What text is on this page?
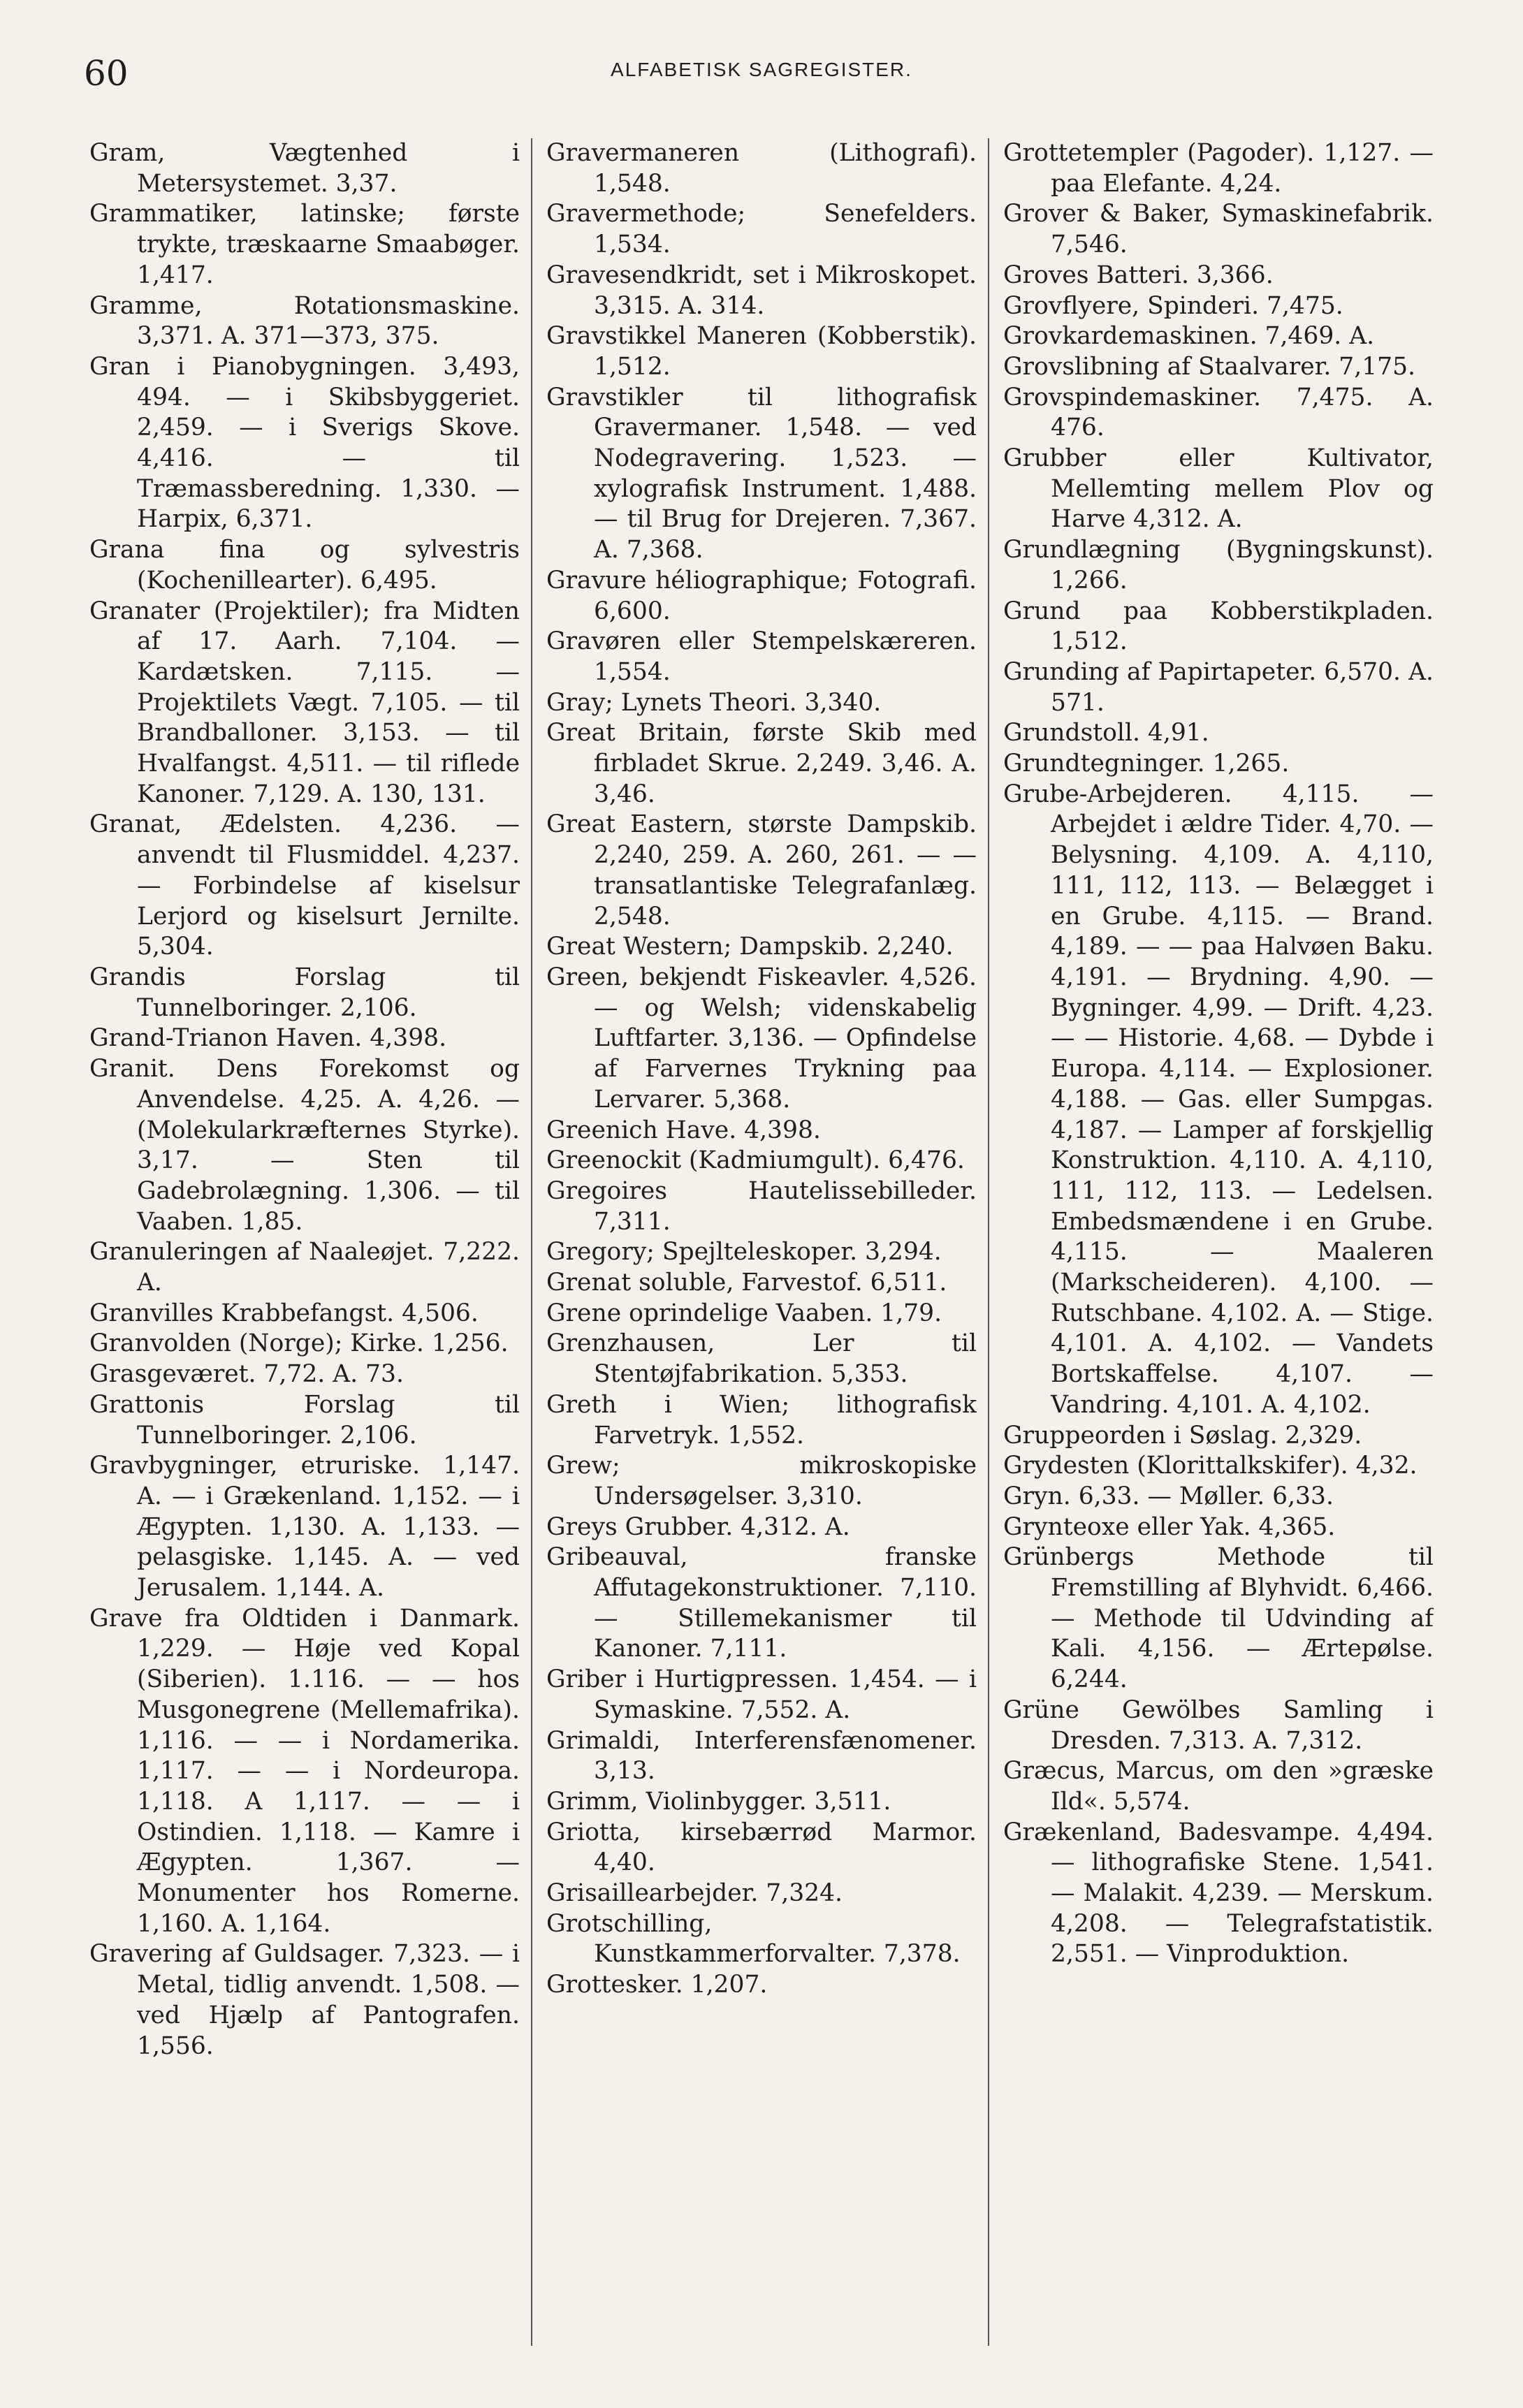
60	ALFABETISK SAGREGISTER.

Gram, Vægtenhed i Metersystemet. 3,37.

Grammatiker, latinske; første trykte, træskaarne Smaabøger. 1,417.

Gramme, Rotationsmaskine. 3,371. A. 371—373, 375.

Gran i Pianobygningen. 3,493, 494. — i Skibsbyggeriet. 2,459. — i Sverigs Skove. 4,416. — til Træmassberedning. 1,330. — Harpix, 6,371.

Grana fina og sylvestris (Kochenillearter). 6,495.

Granater (Projektiler); fra Midten af 17. Aarh. 7,104. — Kardætsken. 7,115. — Projektilets Vægt. 7,105. — til Brandballoner. 3,153. — til Hvalfangst. 4,511. — til riflede Kanoner. 7,129. A. 130, 131.

Granat, Ædelsten. 4,236. — anvendt til Flusmiddel. 4,237. — Forbindelse af kiselsur Lerjord og kiselsurt Jernilte. 5,304.

Grandis Forslag til Tunnelboringer. 2,106.

Grand-Trianon Haven. 4,398.

Granit. Dens Forekomst og Anvendelse. 4,25. A. 4,26. — (Molekularkræfternes Styrke). 3,17. — Sten til Gadebrolægning. 1,306. — til Vaaben. 1,85.

Granuleringen af Naaleøjet. 7,222. A.

Granvilles Krabbefangst. 4,506.

Granvolden (Norge); Kirke. 1,256.

Grasgeværet. 7,72. A. 73.

Grattonis Forslag til Tunnelboringer. 2,106.

Gravbygninger, etruriske. 1,147. A. — i Grækenland. 1,152. — i Ægypten. 1,130. A. 1,133. — pelasgiske. 1,145. A. — ved Jerusalem. 1,144. A.

Grave fra Oldtiden i Danmark. 1,229. — Høje ved Kopal (Siberien). 1.116. — — hos Musgonegrene (Mellemafrika). 1,116. — — i Nordamerika. 1,117. — — i Nordeuropa. 1,118. A 1,117. — — i Ostindien. 1,118. — Kamre i Ægypten. 1,367. — Monumenter hos Romerne. 1,160. A. 1,164.

Gravering af Guldsager. 7,323. — i Metal, tidlig anvendt. 1,508. — ved Hjælp af Pantografen. 1,556.

Gravermaneren (Lithografi). 1,548.

Gravermethode; Senefelders. 1,534.

Gravesendkridt, set i Mikroskopet. 3,315. A. 314.

Gravstikkel Maneren (Kobberstik). 1,512.

Gravstikler til lithografisk Gravermaner. 1,548. — ved Nodegravering. 1,523. — xylografisk Instrument. 1,488. — til Brug for Drejeren. 7,367. A. 7,368.

Gravure héliographique; Fotografi. 6,600.

Gravøren eller Stempelskæreren. 1,554.

Gray; Lynets Theori. 3,340.

Great Britain, første Skib med firbladet Skrue. 2,249. 3,46. A. 3,46.

Great Eastern, største Dampskib. 2,240, 259. A. 260, 261. — — transatlantiske Telegrafanlæg. 2,548.

Great Western; Dampskib. 2,240.

Green, bekjendt Fiskeavler. 4,526. — og Welsh; videnskabelig Luftfarter. 3,136. — Opfindelse af Farvernes Trykning paa Lervarer. 5,368.

Greenich Have. 4,398.

Greenockit (Kadmiumgult). 6,476.

Gregoires Hautelissebilleder. 7,311.

Gregory; Spejlteleskoper. 3,294.

Grenat soluble, Farvestof. 6,511.

Grene oprindelige Vaaben. 1,79.

Grenzhausen, Ler til Stentøjfabrikation. 5,353.

Greth i Wien; lithografisk Farvetryk. 1,552.

Grew; mikroskopiske Undersøgelser. 3,310.

Greys Grubber. 4,312. A.

Gribeauval, franske Affutagekonstruktioner. 7,110. — Stillemekanismer til Kanoner. 7,111.

Griber i Hurtigpressen. 1,454. — i Symaskine. 7,552. A.

Grimaldi, Interferensfænomener. 3,13.

Grimm, Violinbygger. 3,511.

Griotta, kirsebærrød Marmor. 4,40.

Grisaillearbejder. 7,324.

Grotschilling, Kunstkammerforvalter. 7,378.

Grottesker. 1,207.

Grottetempler (Pagoder). 1,127. — paa Elefante. 4,24.

Grover & Baker, Symaskinefabrik. 7,546.

Groves Batteri. 3,366.

Grovflyere, Spinderi. 7,475.

Grovkardemaskinen. 7,469. A.

Grovslibning af Staalvarer. 7,175.

Grovspindemaskiner. 7,475. A. 476.

Grubber eller Kultivator, Mellemting mellem Plov og Harve 4,312. A.

Grundlægning (Bygningskunst). 1,266.

Grund paa Kobberstikpladen. 1,512.

Grunding af Papirtapeter. 6,570. A. 571.

Grundstoll. 4,91.

Grundtegninger. 1,265.

Grube-Arbejderen. 4,115. — Arbejdet i ældre Tider. 4,70. — Belysning. 4,109. A. 4,110, 111, 112, 113. — Belægget i en Grube. 4,115. — Brand. 4,189. — — paa Halvøen Baku. 4,191. — Brydning. 4,90. — Bygninger. 4,99. — Drift. 4,23. — — Historie. 4,68. — Dybde i Europa. 4,114. — Explosioner. 4,188. — Gas. eller Sumpgas. 4,187. — Lamper af forskjellig Konstruktion. 4,110. A. 4,110, 111, 112, 113. — Ledelsen. Embedsmændene i en Grube. 4,115. — Maaleren (Markscheideren). 4,100. — Rutschbane. 4,102. A. — Stige. 4,101. A. 4,102. — Vandets Bortskaffelse. 4,107. — Vandring. 4,101. A. 4,102.

Gruppeorden i Søslag. 2,329.

Grydesten (Klorittalkskifer). 4,32.

Gryn. 6,33. — Møller. 6,33.

Grynteoxe eller Yak. 4,365.

Grünbergs Methode til Fremstilling af Blyhvidt. 6,466. — Methode til Udvinding af Kali. 4,156. — Ærtepølse. 6,244.

Grüne Gewölbes Samling i Dresden. 7,313. A. 7,312.

Græcus, Marcus, om den »græske Ild«. 5,574.

Grækenland, Badesvampe. 4,494. — lithografiske Stene. 1,541. — Malakit. 4,239. — Merskum. 4,208. — Telegrafstatistik. 2,551. — Vinproduktion.
